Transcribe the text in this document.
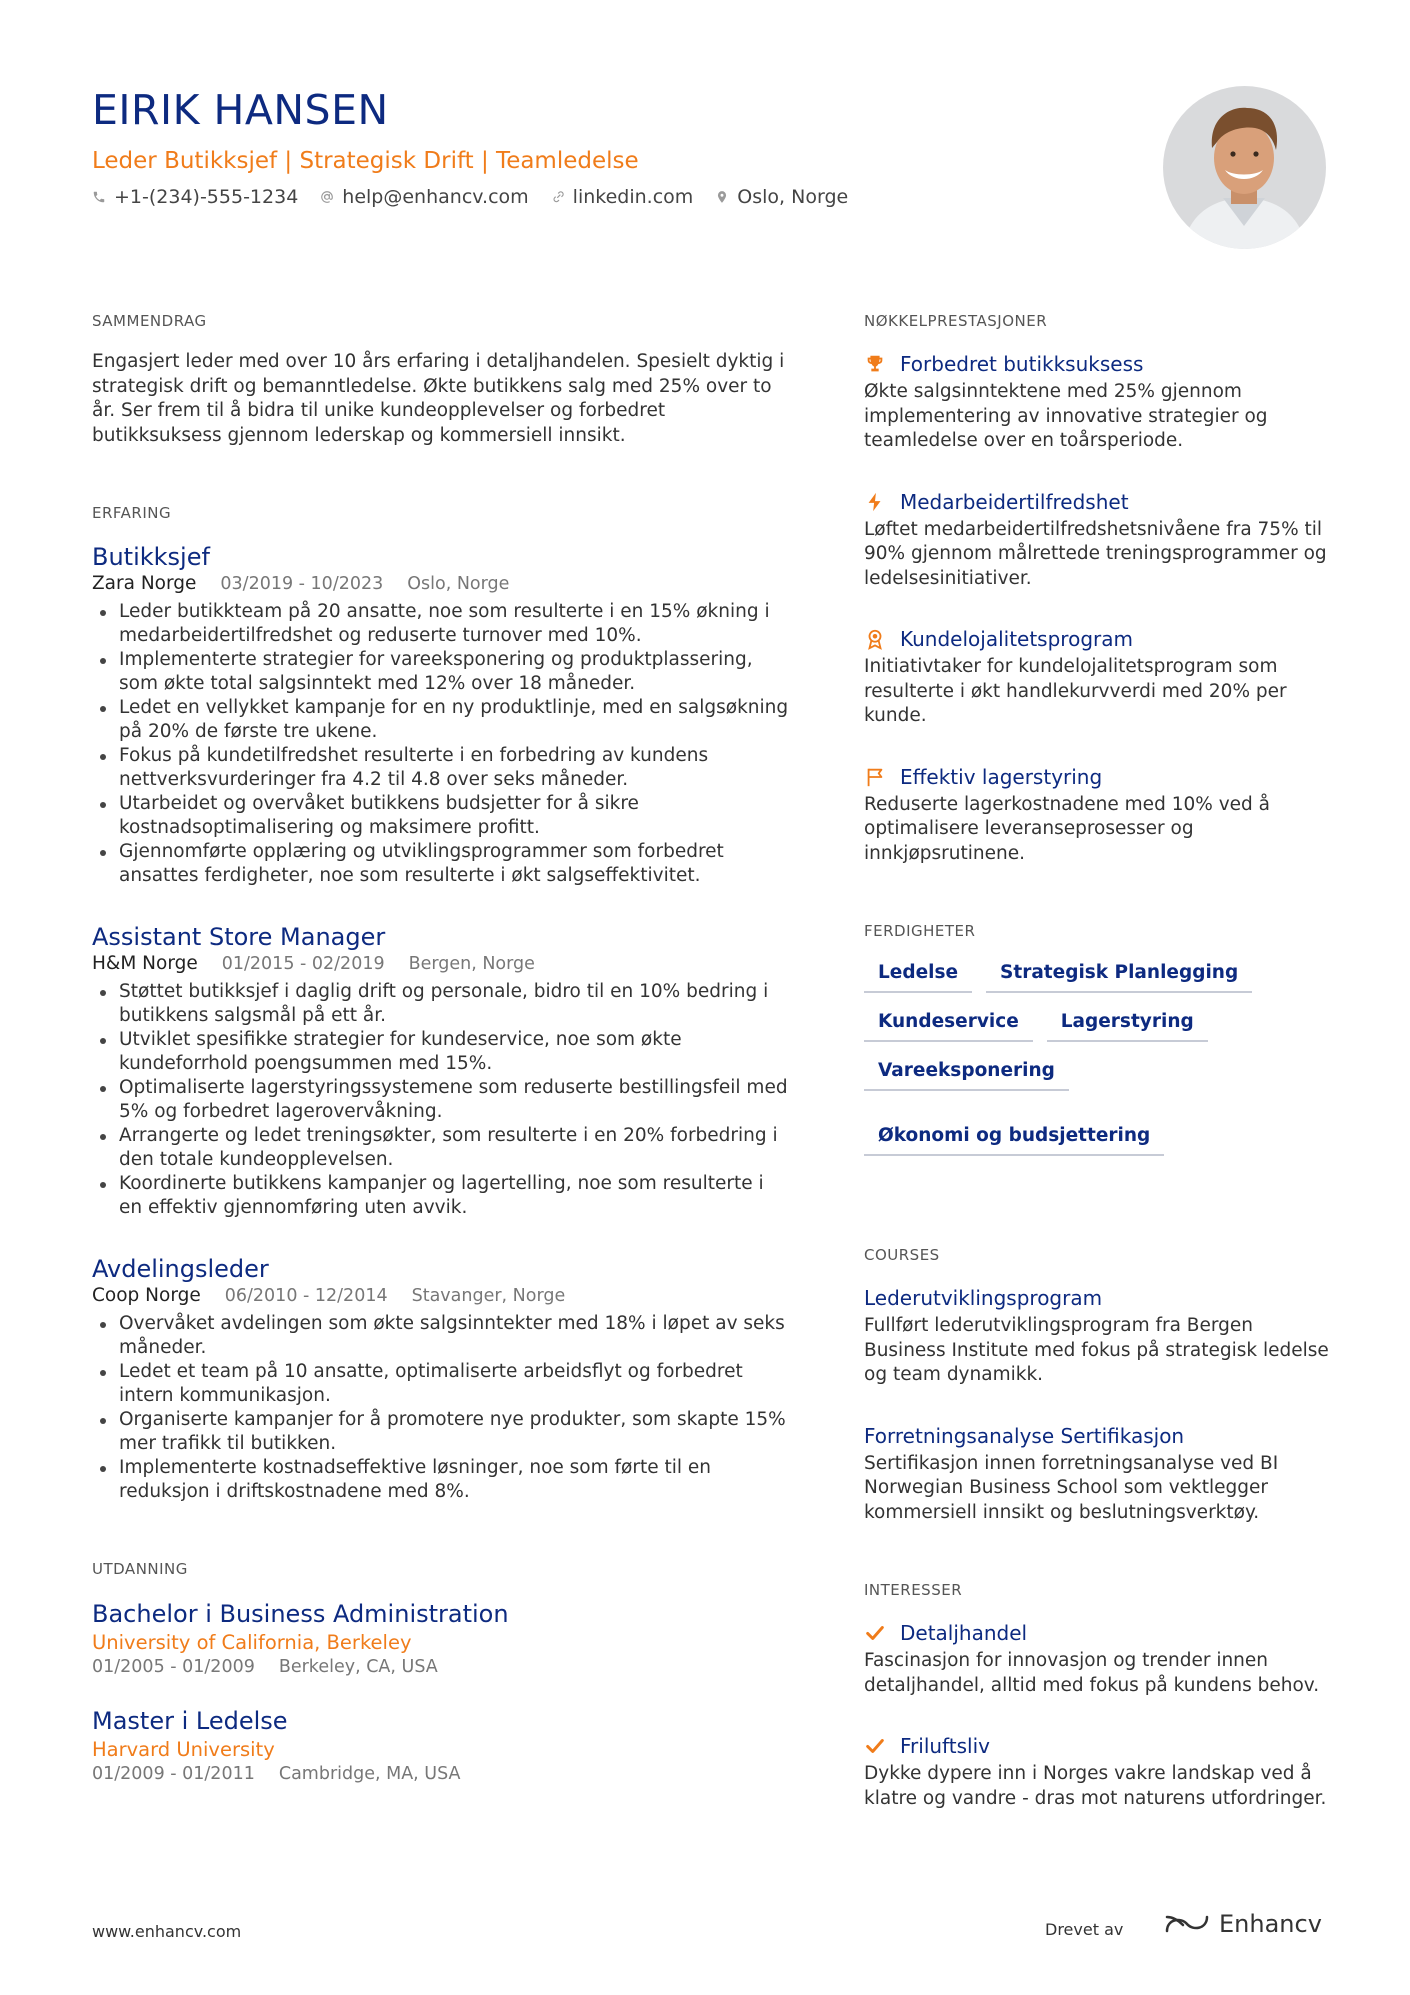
EIRIK HANSEN
Leder Butikksjef | Strategisk Drift | Teamledelse
+1-(234)-555-1234 help@enhancv.com linkedin.com Oslo, Norge
SAMMENDRAG

Engasjert leder med over 10 års erfaring i detaljhandelen. Spesielt dyktig i strategisk drift og bemanntledelse. Økte butikkens salg med 25% over to år. Ser frem til å bidra til unike kundeopplevelser og forbedret butikksuksess gjennom lederskap og kommersiell innsikt.

ERFARING
Butikksjef
Zara Norge 03/2019 - 10/2023 Oslo, Norge
Leder butikkteam på 20 ansatte, noe som resulterte i en 15% økning i medarbeidertilfredshet og reduserte turnover med 10%.
Implementerte strategier for vareeksponering og produktplassering, som økte total salgsinntekt med 12% over 18 måneder.
Ledet en vellykket kampanje for en ny produktlinje, med en salgsøkning på 20% de første tre ukene.
Fokus på kundetilfredshet resulterte i en forbedring av kundens nettverksvurderinger fra 4.2 til 4.8 over seks måneder.
Utarbeidet og overvåket butikkens budsjetter for å sikre kostnadsoptimalisering og maksimere profitt.
Gjennomførte opplæring og utviklingsprogrammer som forbedret ansattes ferdigheter, noe som resulterte i økt salgseffektivitet.
Assistant Store Manager
H&M Norge 01/2015 - 02/2019 Bergen, Norge
Støttet butikksjef i daglig drift og personale, bidro til en 10% bedring i butikkens salgsmål på ett år.
Utviklet spesifikke strategier for kundeservice, noe som økte kundeforrhold poengsummen med 15%.
Optimaliserte lagerstyringssystemene som reduserte bestillingsfeil med 5% og forbedret lagerovervåkning.
Arrangerte og ledet treningsøkter, som resulterte i en 20% forbedring i den totale kundeopplevelsen.
Koordinerte butikkens kampanjer og lagertelling, noe som resulterte i en effektiv gjennomføring uten avvik.
Avdelingsleder
Coop Norge 06/2010 - 12/2014 Stavanger, Norge
Overvåket avdelingen som økte salgsinntekter med 18% i løpet av seks måneder.
Ledet et team på 10 ansatte, optimaliserte arbeidsflyt og forbedret intern kommunikasjon.
Organiserte kampanjer for å promotere nye produkter, som skapte 15% mer trafikk til butikken.
Implementerte kostnadseffektive løsninger, noe som førte til en reduksjon i driftskostnadene med 8%.
UTDANNING
Bachelor i Business Administration
University of California, Berkeley
01/2005 - 01/2009 Berkeley, CA, USA
Master i Ledelse
Harvard University
01/2009 - 01/2011 Cambridge, MA, USA
NØKKELPRESTASJONER
Forbedret butikksuksess

Økte salgsinntektene med 25% gjennom implementering av innovative strategier og teamledelse over en toårsperiode.

Medarbeidertilfredshet

Løftet medarbeidertilfredshetsnivåene fra 75% til 90% gjennom målrettede treningsprogrammer og ledelsesinitiativer.

Kundelojalitetsprogram

Initiativtaker for kundelojalitetsprogram som resulterte i økt handlekurvverdi med 20% per kunde.

Effektiv lagerstyring

Reduserte lagerkostnadene med 10% ved å optimalisere leveranseprosesser og innkjøpsrutinene.

FERDIGHETER
Ledelse	Strategisk Planlegging
Kundeservice	Lagerstyring
Vareeksponering
Økonomi og budsjettering
COURSES
Lederutviklingsprogram

Fullført lederutviklingsprogram fra Bergen Business Institute med fokus på strategisk ledelse og team dynamikk.

Forretningsanalyse Sertifikasjon

Sertifikasjon innen forretningsanalyse ved BI Norwegian Business School som vektlegger kommersiell innsikt og beslutningsverktøy.

INTERESSER
Detaljhandel

Fascinasjon for innovasjon og trender innen detaljhandel, alltid med fokus på kundens behov.

Friluftsliv

Dykke dypere inn i Norges vakre landskap ved å klatre og vandre - dras mot naturens utfordringer.

www.enhancv.com	Drevet av	Enhancv
